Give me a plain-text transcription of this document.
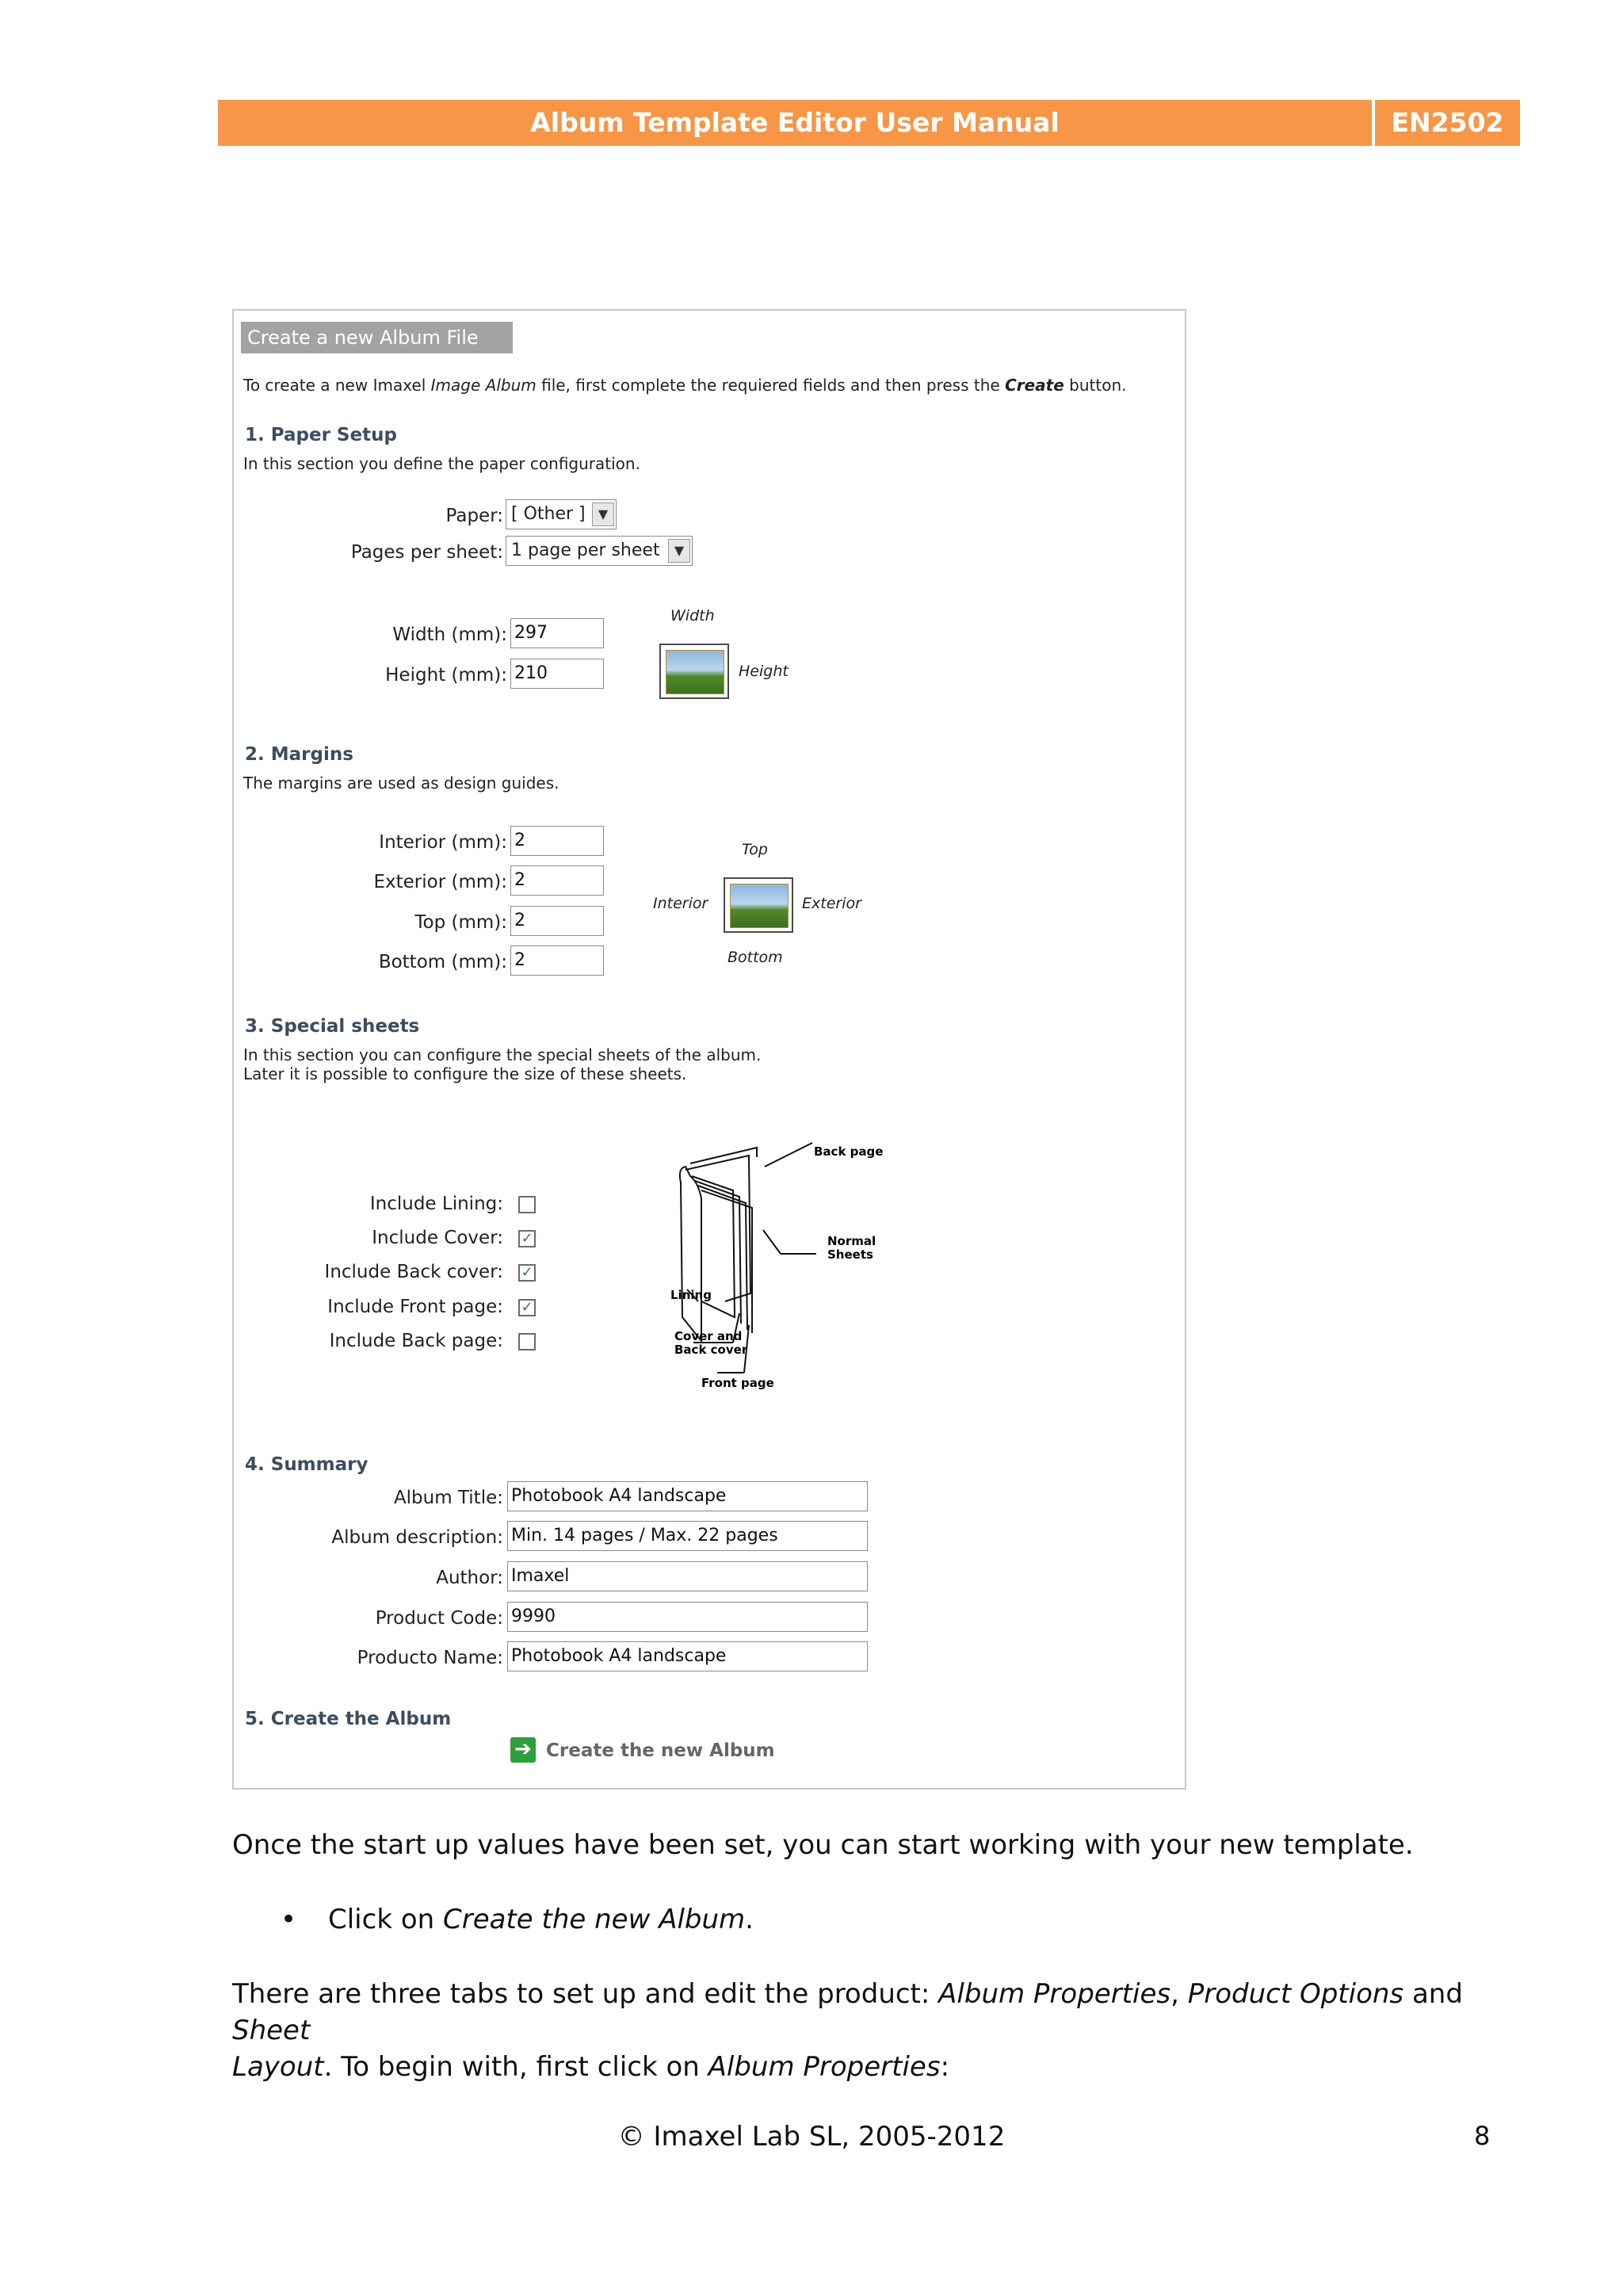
Album Template Editor User Manual	EN2502
Create a new Album File
To create a new Imaxel Image Album file, first complete the requiered fields and then press the Create button.
1. Paper Setup
In this section you define the paper configuration.
Paper: [ Other ]	▼
Pages per sheet: 1 page per sheet	▼
Width (mm): 297
Height (mm): 210
Width
Height
2. Margins
The margins are used as design guides.
Interior (mm): 2
Exterior (mm): 2
Top (mm): 2
Bottom (mm): 2
Top
Interior	Exterior
Bottom
3. Special sheets
In this section you can configure the special sheets of the album.
Later it is possible to configure the size of these sheets.
Include Lining:
Include Cover: ✓
Include Back cover: ✓
Include Front page: ✓
Include Back page:
Back page
Normal
Sheets
Lining
Cover and
Back cover
Front page
4. Summary
Album Title: Photobook A4 landscape
Album description: Min. 14 pages / Max. 22 pages
Author: Imaxel
Product Code: 9990
Producto Name: Photobook A4 landscape
5. Create the Album
➔ Create the new Album
Once the start up values have been set, you can start working with your new template.
• Click on Create the new Album.
There are three tabs to set up and edit the product: Album Properties, Product Options and Sheet
Layout. To begin with, first click on Album Properties:
© Imaxel Lab SL, 2005-2012	8
